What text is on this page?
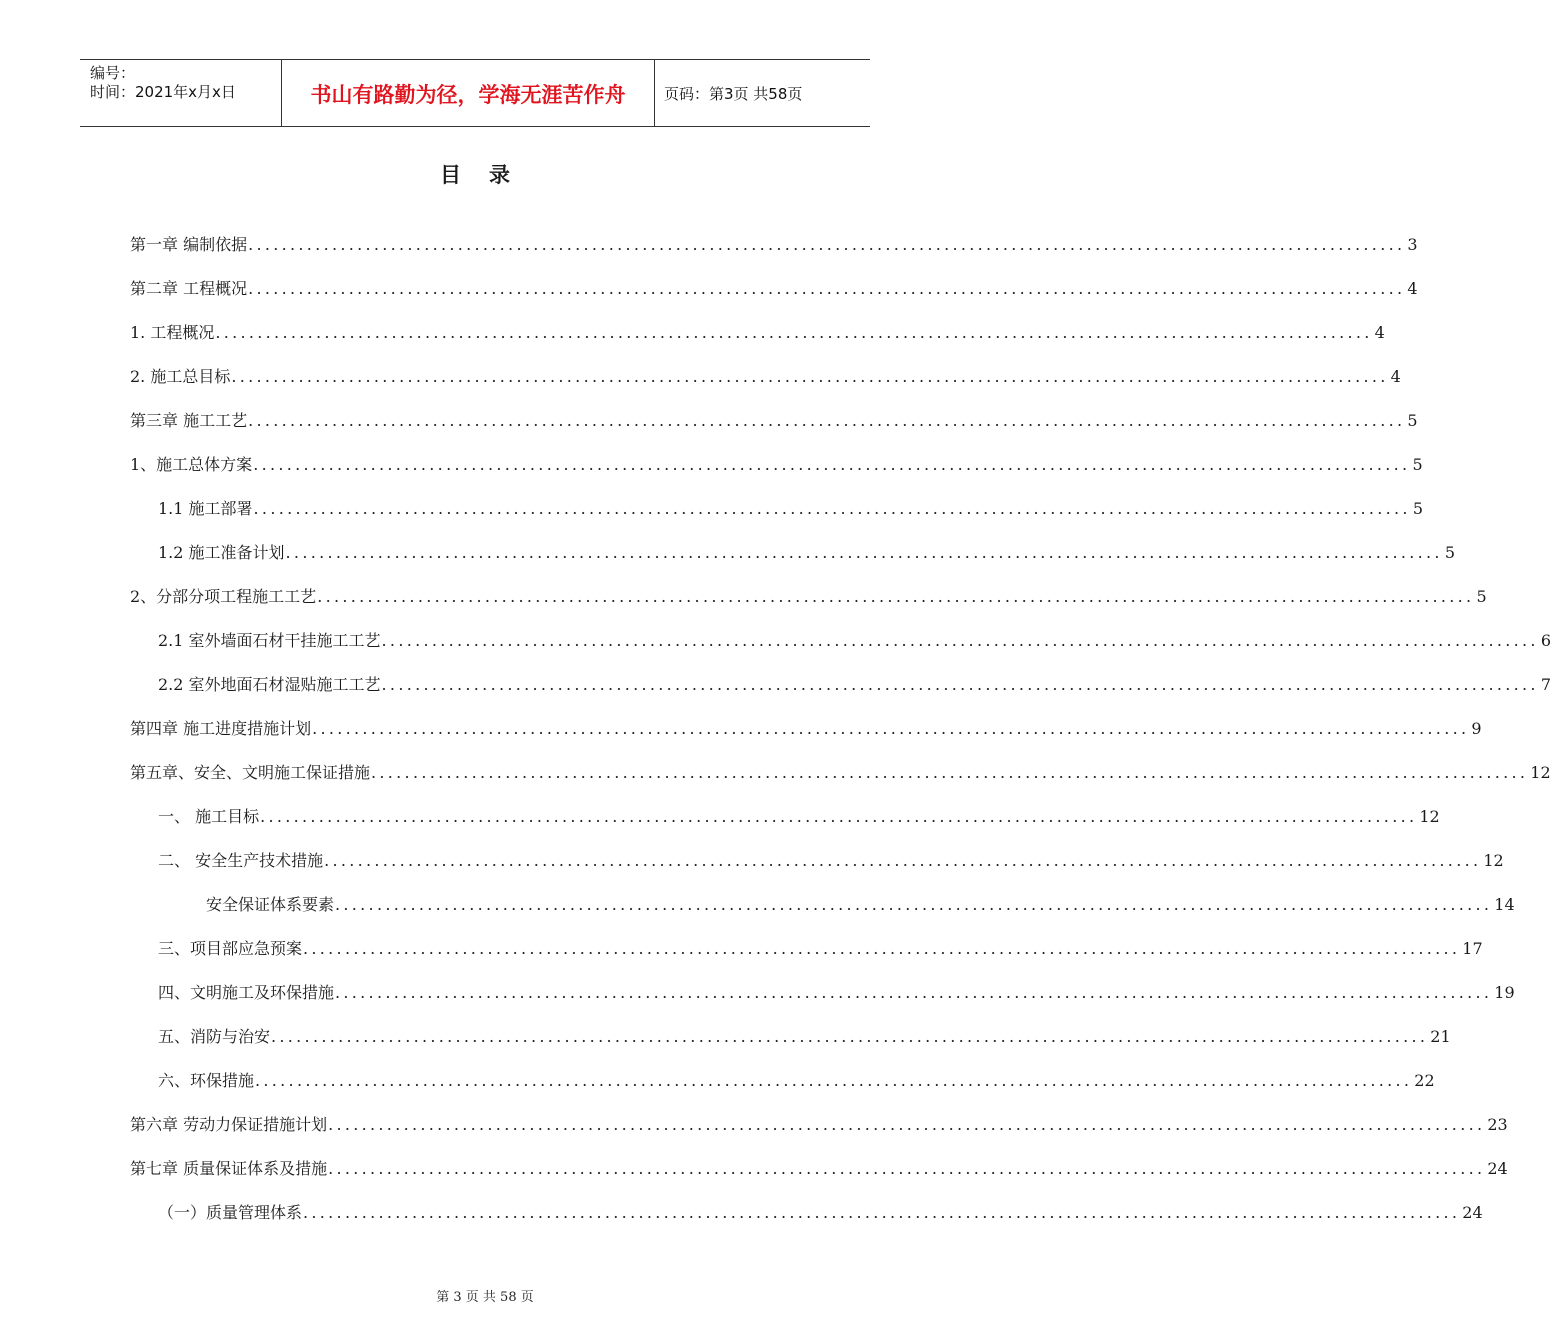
编号：
时间：2021年x月x日	书山有路勤为径，学海无涯苦作舟	页码：第3页 共58页
目录
第一章 编制依据 .......................................................................................................................................... 3
第二章 工程概况 .......................................................................................................................................... 4
1. 工程概况 .......................................................................................................................................... 4
2. 施工总目标 .......................................................................................................................................... 4
第三章 施工工艺 .......................................................................................................................................... 5
1、施工总体方案 .......................................................................................................................................... 5
1.1 施工部署 .......................................................................................................................................... 5
1.2 施工准备计划 .......................................................................................................................................... 5
2、分部分项工程施工工艺 .......................................................................................................................................... 5
2.1 室外墙面石材干挂施工工艺 .......................................................................................................................................... 6
2.2 室外地面石材湿贴施工工艺 .......................................................................................................................................... 7
第四章 施工进度措施计划 .......................................................................................................................................... 9
第五章、安全、文明施工保证措施 .......................................................................................................................................... 12
一、 施工目标 .......................................................................................................................................... 12
二、 安全生产技术措施 .......................................................................................................................................... 12
安全保证体系要素 .......................................................................................................................................... 14
三、项目部应急预案 .......................................................................................................................................... 17
四、文明施工及环保措施 .......................................................................................................................................... 19
五、消防与治安 .......................................................................................................................................... 21
六、环保措施 .......................................................................................................................................... 22
第六章 劳动力保证措施计划 .......................................................................................................................................... 23
第七章 质量保证体系及措施 .......................................................................................................................................... 24
（一）质量管理体系 .......................................................................................................................................... 24
第 3 页 共 58 页
